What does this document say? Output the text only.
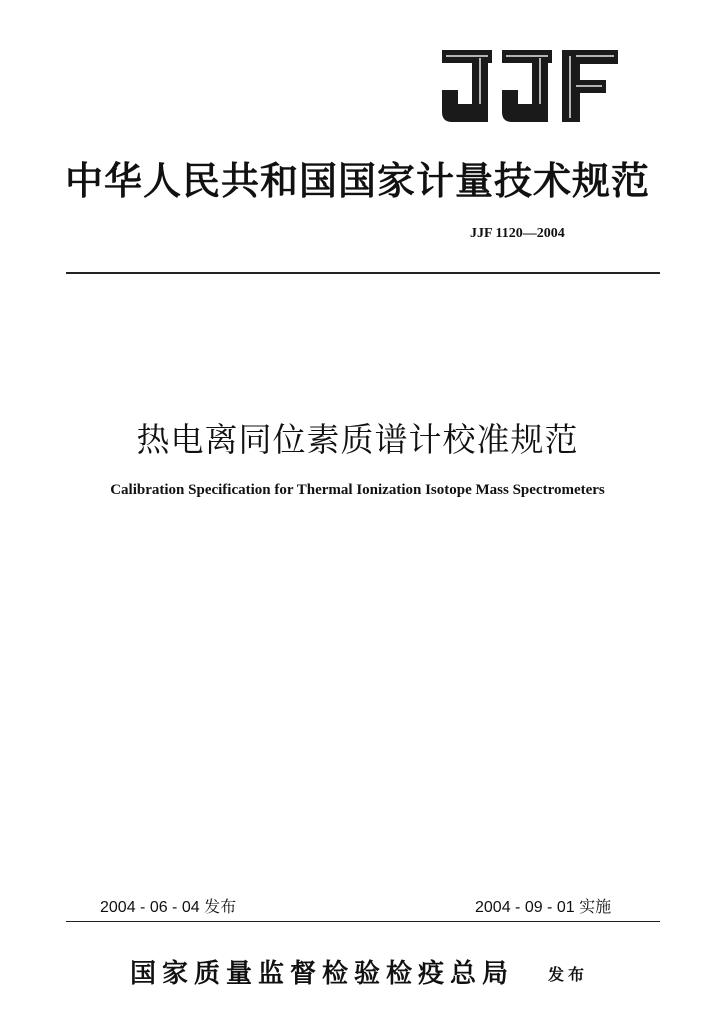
中华人民共和国国家计量技术规范
JJF 1120—2004
热电离同位素质谱计校准规范
Calibration Specification for Thermal Ionization Isotope Mass Spectrometers
2004 - 06 - 04 发布	2004 - 09 - 01 实施
国家质量监督检验检疫总局 发布
